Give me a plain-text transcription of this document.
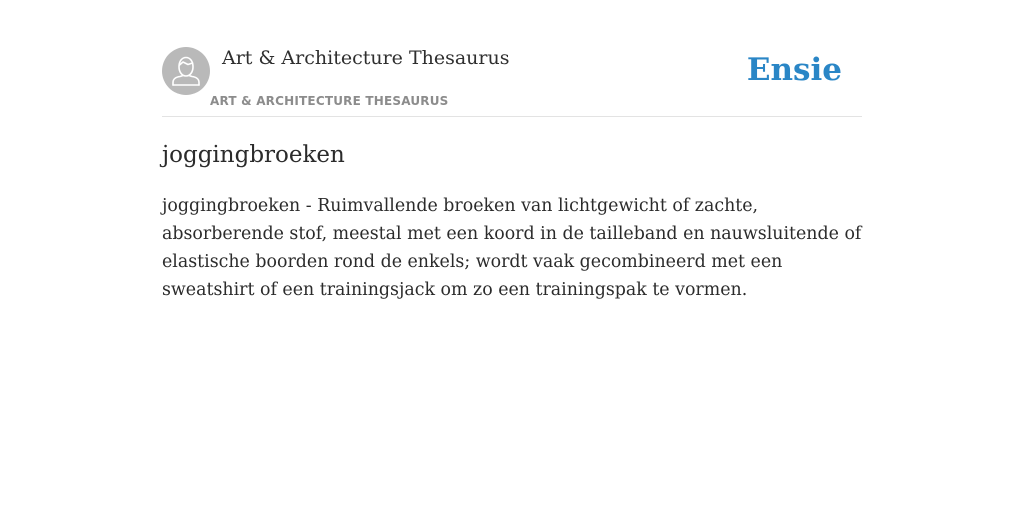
Art & Architecture Thesaurus
ART & ARCHITECTURE THESAURUS
Ensie
joggingbroeken

joggingbroeken - Ruimvallende broeken van lichtgewicht of zachte, absorberende stof, meestal met een koord in de tailleband en nauwsluitende of elastische boorden rond de enkels; wordt vaak gecombineerd met een sweatshirt of een trainingsjack om zo een trainingspak te vormen.
